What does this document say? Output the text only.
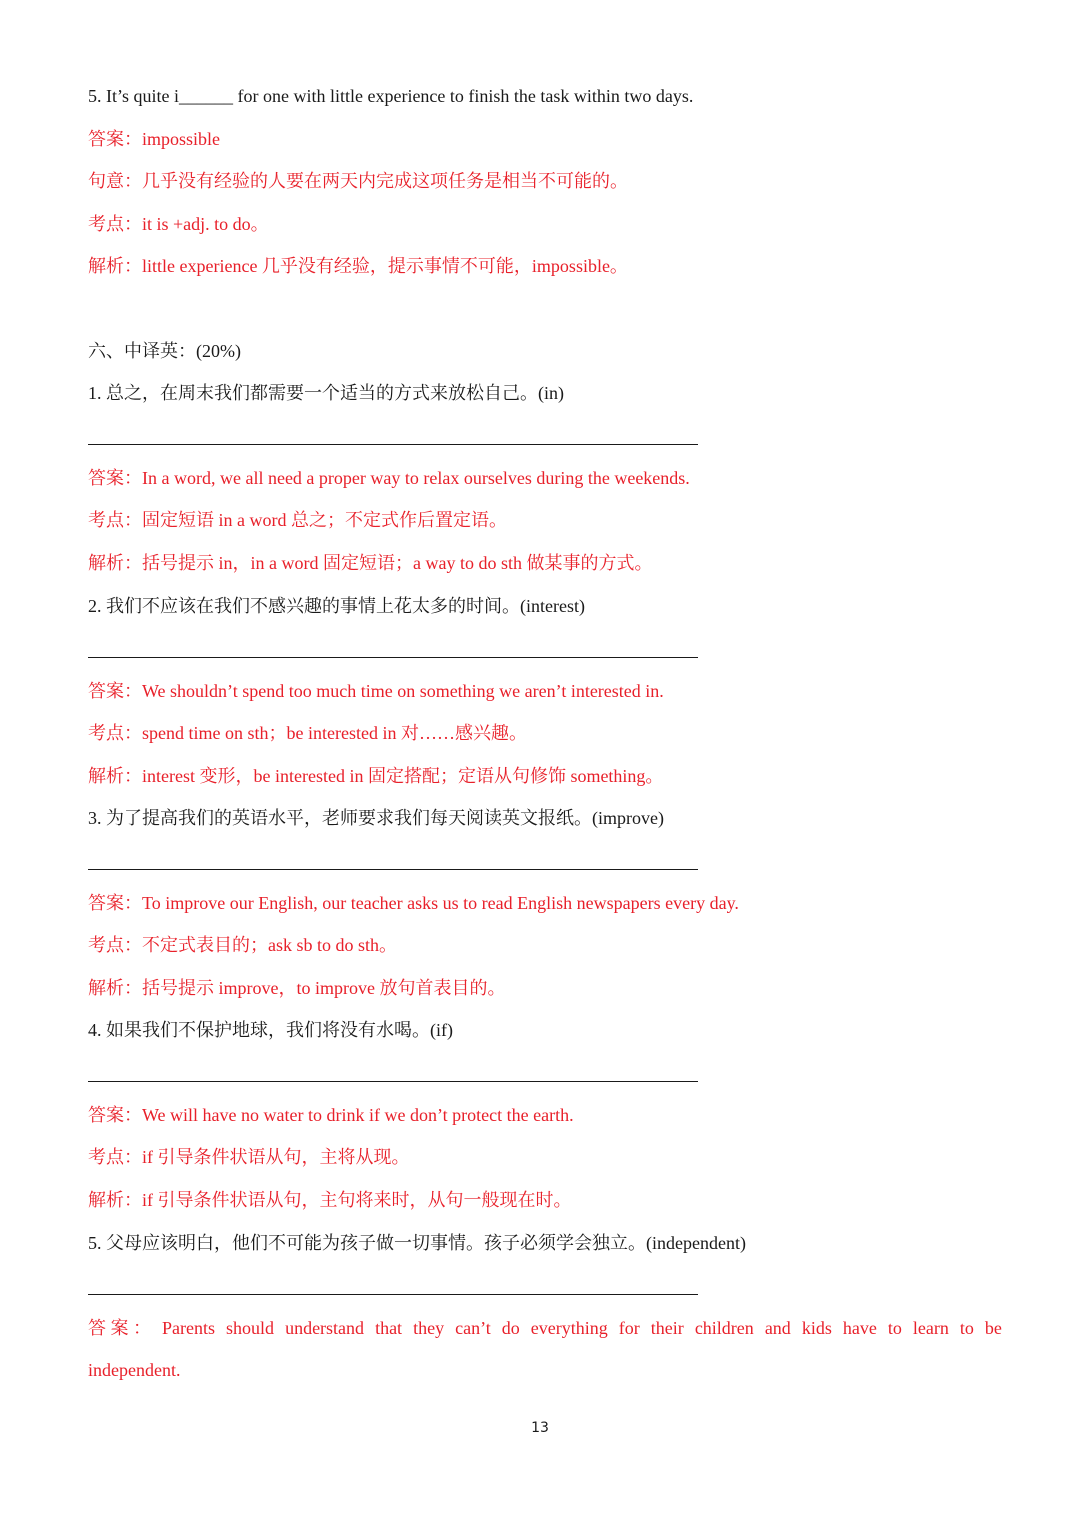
5. It’s quite i______ for one with little experience to finish the task within two days.
答案：impossible
句意：几乎没有经验的人要在两天内完成这项任务是相当不可能的。
考点：it is +adj. to do。
解析：little experience 几乎没有经验，提示事情不可能，impossible。
六、中译英：(20%)
1. 总之，在周末我们都需要一个适当的方式来放松自己。(in)
答案：In a word, we all need a proper way to relax ourselves during the weekends.
考点：固定短语 in a word 总之；不定式作后置定语。
解析：括号提示 in，in a word 固定短语；a way to do sth 做某事的方式。
2. 我们不应该在我们不感兴趣的事情上花太多的时间。(interest)
答案：We shouldn’t spend too much time on something we aren’t interested in.
考点：spend time on sth；be interested in 对……感兴趣。
解析：interest 变形，be interested in 固定搭配；定语从句修饰 something。
3. 为了提高我们的英语水平，老师要求我们每天阅读英文报纸。(improve)
答案：To improve our English, our teacher asks us to read English newspapers every day.
考点：不定式表目的；ask sb to do sth。
解析：括号提示 improve，to improve 放句首表目的。
4. 如果我们不保护地球，我们将没有水喝。(if)
答案：We will have no water to drink if we don’t protect the earth.
考点：if 引导条件状语从句，主将从现。
解析：if 引导条件状语从句，主句将来时，从句一般现在时。
5. 父母应该明白，他们不可能为孩子做一切事情。孩子必须学会独立。(independent)
答 案 ： Parents should understand that they can’t do everything for their children and kids have to learn to be
independent.
13
